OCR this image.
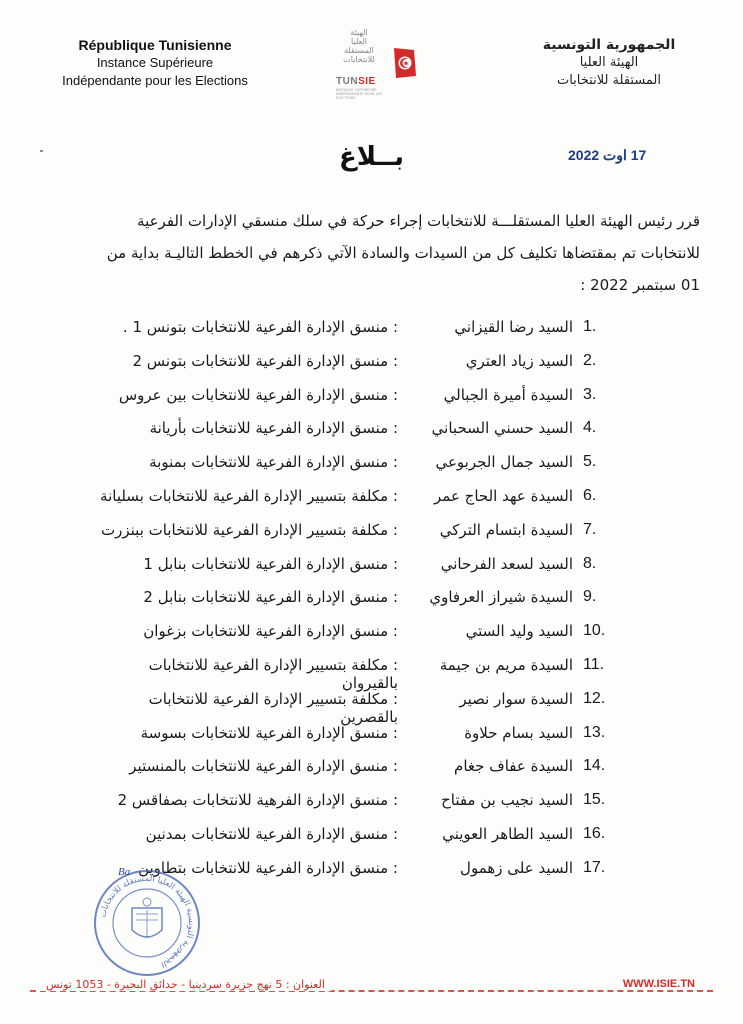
République Tunisienne
Instance Supérieure
Indépendante pour les Elections
الهيئة
العليا
المستقلة
للانتخابات
TUNSIE
INSTANCE SUPERIEURE INDEPENDANTE POUR LES ELECTIONS
الجمهورية التونسية
الهيئة العليا
المستقلة للانتخابات
17 اوت 2022
بــلاغ

قرر رئيس الهيئة العليا المستقلـــة للانتخابات إجراء حركة في سلك منسقي الإدارات الفرعية

للانتخابات تم بمقتضاها تكليف كل من السيدات والسادة الآتي ذكرهم في الخطط التاليـة بداية من

01 سبتمبر 2022 :

1.
السيد رضا القيزاني
: منسق الإدارة الفرعية للانتخابات بتونس 1 .
2.
السيد زياد العتري
: منسق الإدارة الفرعية للانتخابات بتونس 2
3.
السيدة أميرة الجبالي
: منسق الإدارة الفرعية للانتخابات بين عروس
4.
السيد حسني السحباني
: منسق الإدارة الفرعية للانتخابات بأريانة
5.
السيد جمال الجربوعي
: منسق الإدارة الفرعية للانتخابات بمنوبة
6.
السيدة عهد الحاج عمر
: مكلفة بتسيير الإدارة الفرعية للانتخابات بسليانة
7.
السيدة ابتسام التركي
: مكلفة بتسيير الإدارة الفرعية للانتخابات ببنزرت
8.
السيد لسعد الفرحاني
: منسق الإدارة الفرعية للانتخابات بنابل 1
9.
السيدة شيراز العرفاوي
: منسق الإدارة الفرعية للانتخابات بنابل 2
10.
السيد وليد الستي
: منسق الإدارة الفرعية للانتخابات بزغوان
11.
السيدة مريم بن جيمة
: مكلفة بتسيير الإدارة الفرعية للانتخابات بالقيروان
12.
السيدة سوار نصير
: مكلفة بتسيير الإدارة الفرعية للانتخابات بالقصرين
13.
السيد بسام حلاوة
: منسق الإدارة الفرعية للانتخابات بسوسة
14.
السيدة عفاف جغام
: منسق الإدارة الفرعية للانتخابات بالمنستير
15.
السيد نجيب بن مفتاح
: منسق الإدارة الفرهية للانتخابات بصفاقس 2
16.
السيد الطاهر العويني
: منسق الإدارة الفرعية للانتخابات بمدنين
17.
السيد على زهمول
: منسق الإدارة الفرعية للانتخابات بتطاوين
الجمهورية التونسية الهيئة العليا المستقلة للانتخابات
Ba
العنوان : 5 نهج جزيرة سردينيا - حدائق البحيرة - 1053 تونس	WWW.ISIE.TN
